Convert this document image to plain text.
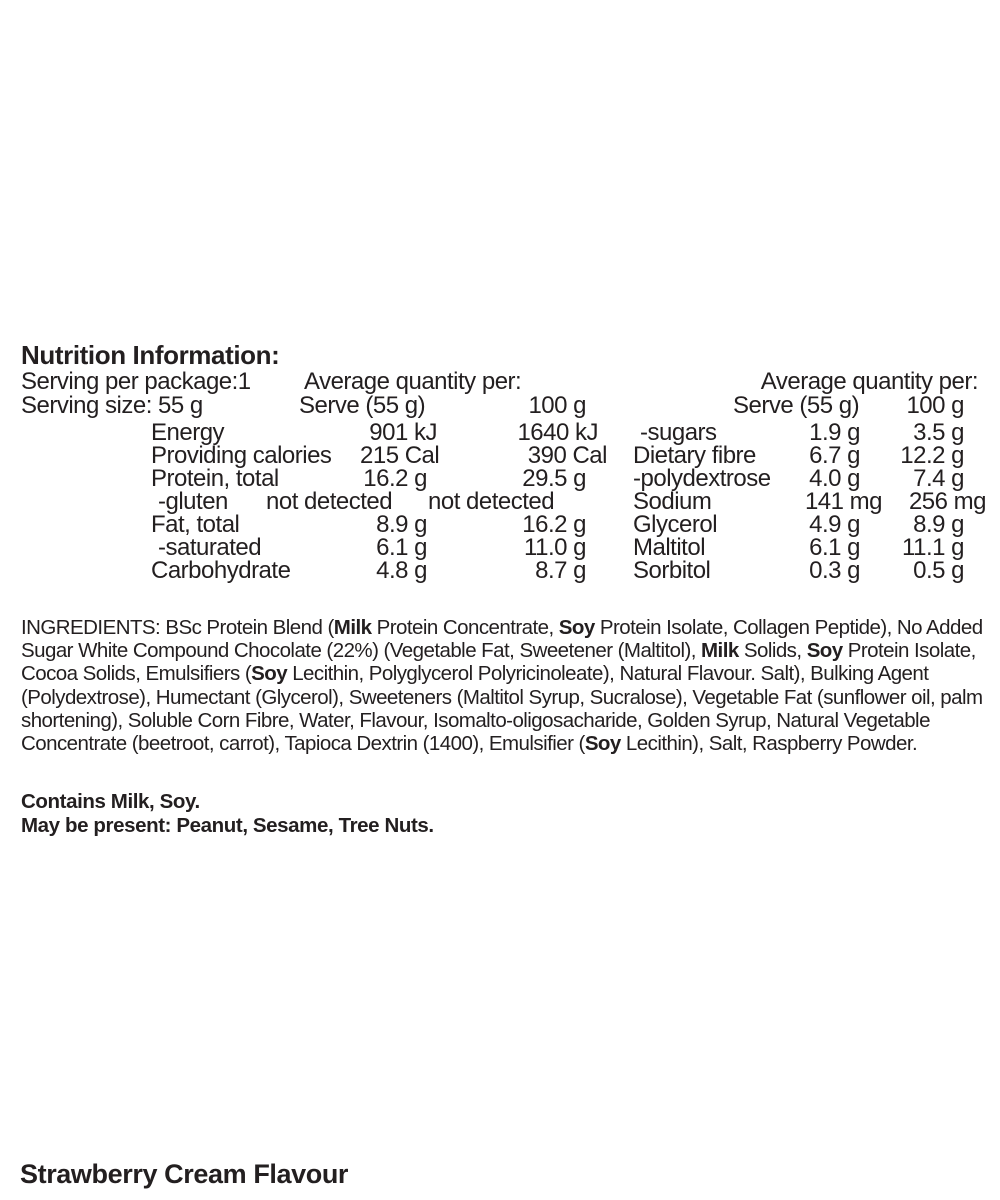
Nutrition Information:
Serving per package:1
Serving size: 55 g
Average quantity per:	Average quantity per:
Serve (55 g)	100 g	Serve (55 g) 100 g
Energy	901 kJ	1640 kJ
Providing calories 215 Cal	390 Cal
Protein, total	16.2 g	29.5 g
-gluten not detected not detected
Fat, total	8.9 g	16.2 g
-saturated	6.1 g	11.0 g
Carbohydrate	4.8 g	8.7 g
-sugars	1.9 g 3.5 g
Dietary fibre 6.7 g 12.2 g
-polydextrose 4.0 g 7.4 g
Sodium	141 mg 256 mg
Glycerol	4.9 g 8.9 g
Maltitol	6.1 g 11.1 g
Sorbitol	0.3 g 0.5 g

INGREDIENTS: BSc Protein Blend (Milk Protein Concentrate, Soy Protein Isolate, Collagen Peptide), No Added Sugar White Compound Chocolate (22%) (Vegetable Fat, Sweetener (Maltitol), Milk Solids, Soy Protein Isolate, Cocoa Solids, Emulsifiers (Soy Lecithin, Polyglycerol Polyricinoleate), Natural Flavour. Salt), Bulking Agent (Polydextrose), Humectant (Glycerol), Sweeteners (Maltitol Syrup, Sucralose), Vegetable Fat (sunflower oil, palm shortening), Soluble Corn Fibre, Water, Flavour, Isomalto-oligosacharide, Golden Syrup, Natural Vegetable Concentrate (beetroot, carrot), Tapioca Dextrin (1400), Emulsifier (Soy Lecithin), Salt, Raspberry Powder.

Contains Milk, Soy.
May be present: Peanut, Sesame, Tree Nuts.
Strawberry Cream Flavour
